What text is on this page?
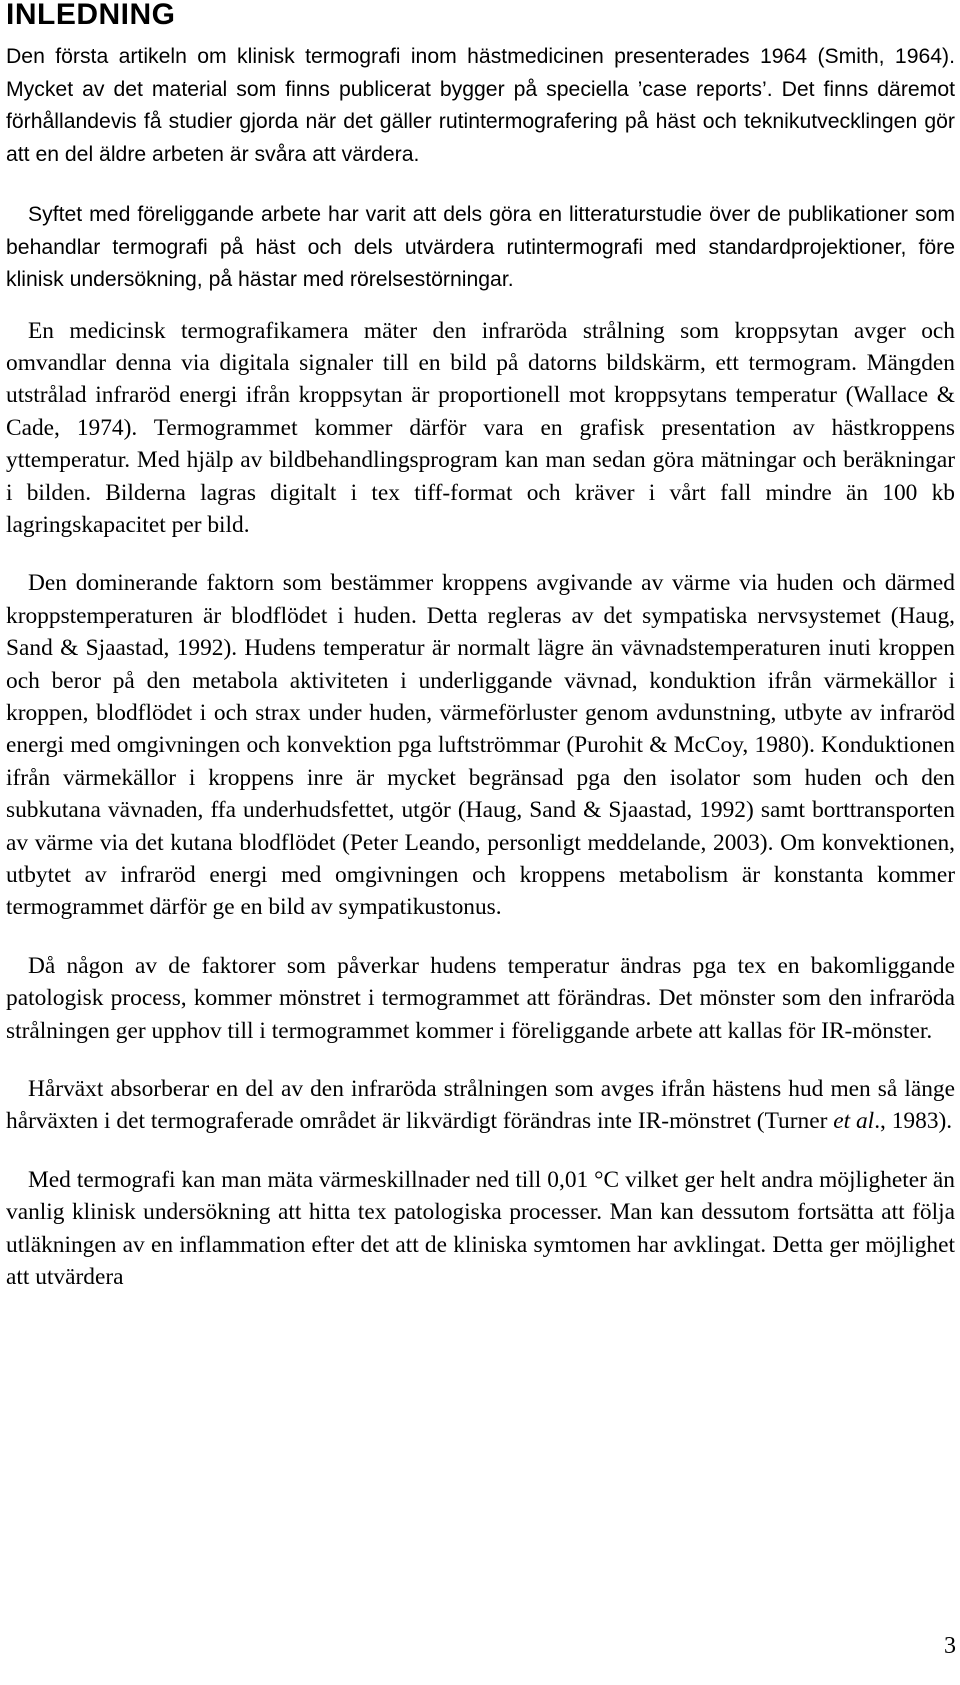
INLEDNING

Den första artikeln om klinisk termografi inom hästmedicinen presenterades 1964 (Smith, 1964). Mycket av det material som finns publicerat bygger på speciella ’case reports’. Det finns däremot förhållandevis få studier gjorda när det gäller rutintermografering på häst och teknikutvecklingen gör att en del äldre arbeten är svåra att värdera.

Syftet med föreliggande arbete har varit att dels göra en litteraturstudie över de publikationer som behandlar termografi på häst och dels utvärdera rutintermografi med standardprojektioner, före klinisk undersökning, på hästar med rörelsestörningar.

En medicinsk termografikamera mäter den infraröda strålning som kroppsytan avger och omvandlar denna via digitala signaler till en bild på datorns bildskärm, ett termogram. Mängden utstrålad infraröd energi ifrån kroppsytan är proportionell mot kroppsytans temperatur (Wallace & Cade, 1974). Termogrammet kommer därför vara en grafisk presentation av hästkroppens yttemperatur. Med hjälp av bildbehandlingsprogram kan man sedan göra mätningar och beräkningar i bilden. Bilderna lagras digitalt i tex tiff-format och kräver i vårt fall mindre än 100 kb lagringskapacitet per bild.

Den dominerande faktorn som bestämmer kroppens avgivande av värme via huden och därmed kroppstemperaturen är blodflödet i huden. Detta regleras av det sympatiska nervsystemet (Haug, Sand & Sjaastad, 1992). Hudens temperatur är normalt lägre än vävnadstemperaturen inuti kroppen och beror på den metabola aktiviteten i underliggande vävnad, konduktion ifrån värmekällor i kroppen, blodflödet i och strax under huden, värmeförluster genom avdunstning, utbyte av infraröd energi med omgivningen och konvektion pga luftströmmar (Purohit & McCoy, 1980). Konduktionen ifrån värmekällor i kroppens inre är mycket begränsad pga den isolator som huden och den subkutana vävnaden, ffa underhudsfettet, utgör (Haug, Sand & Sjaastad, 1992) samt borttransporten av värme via det kutana blodflödet (Peter Leando, personligt meddelande, 2003). Om konvektionen, utbytet av infraröd energi med omgivningen och kroppens metabolism är konstanta kommer termogrammet därför ge en bild av sympatikustonus.

Då någon av de faktorer som påverkar hudens temperatur ändras pga tex en bakomliggande patologisk process, kommer mönstret i termogrammet att förändras. Det mönster som den infraröda strålningen ger upphov till i termogrammet kommer i föreliggande arbete att kallas för IR-mönster.

Hårväxt absorberar en del av den infraröda strålningen som avges ifrån hästens hud men så länge hårväxten i det termograferade området är likvärdigt förändras inte IR-mönstret (Turner et al., 1983).

Med termografi kan man mäta värmeskillnader ned till 0,01 °C vilket ger helt andra möjligheter än vanlig klinisk undersökning att hitta tex patologiska processer. Man kan dessutom fortsätta att följa utläkningen av en inflammation efter det att de kliniska symtomen har avklingat. Detta ger möjlighet att utvärdera

3
